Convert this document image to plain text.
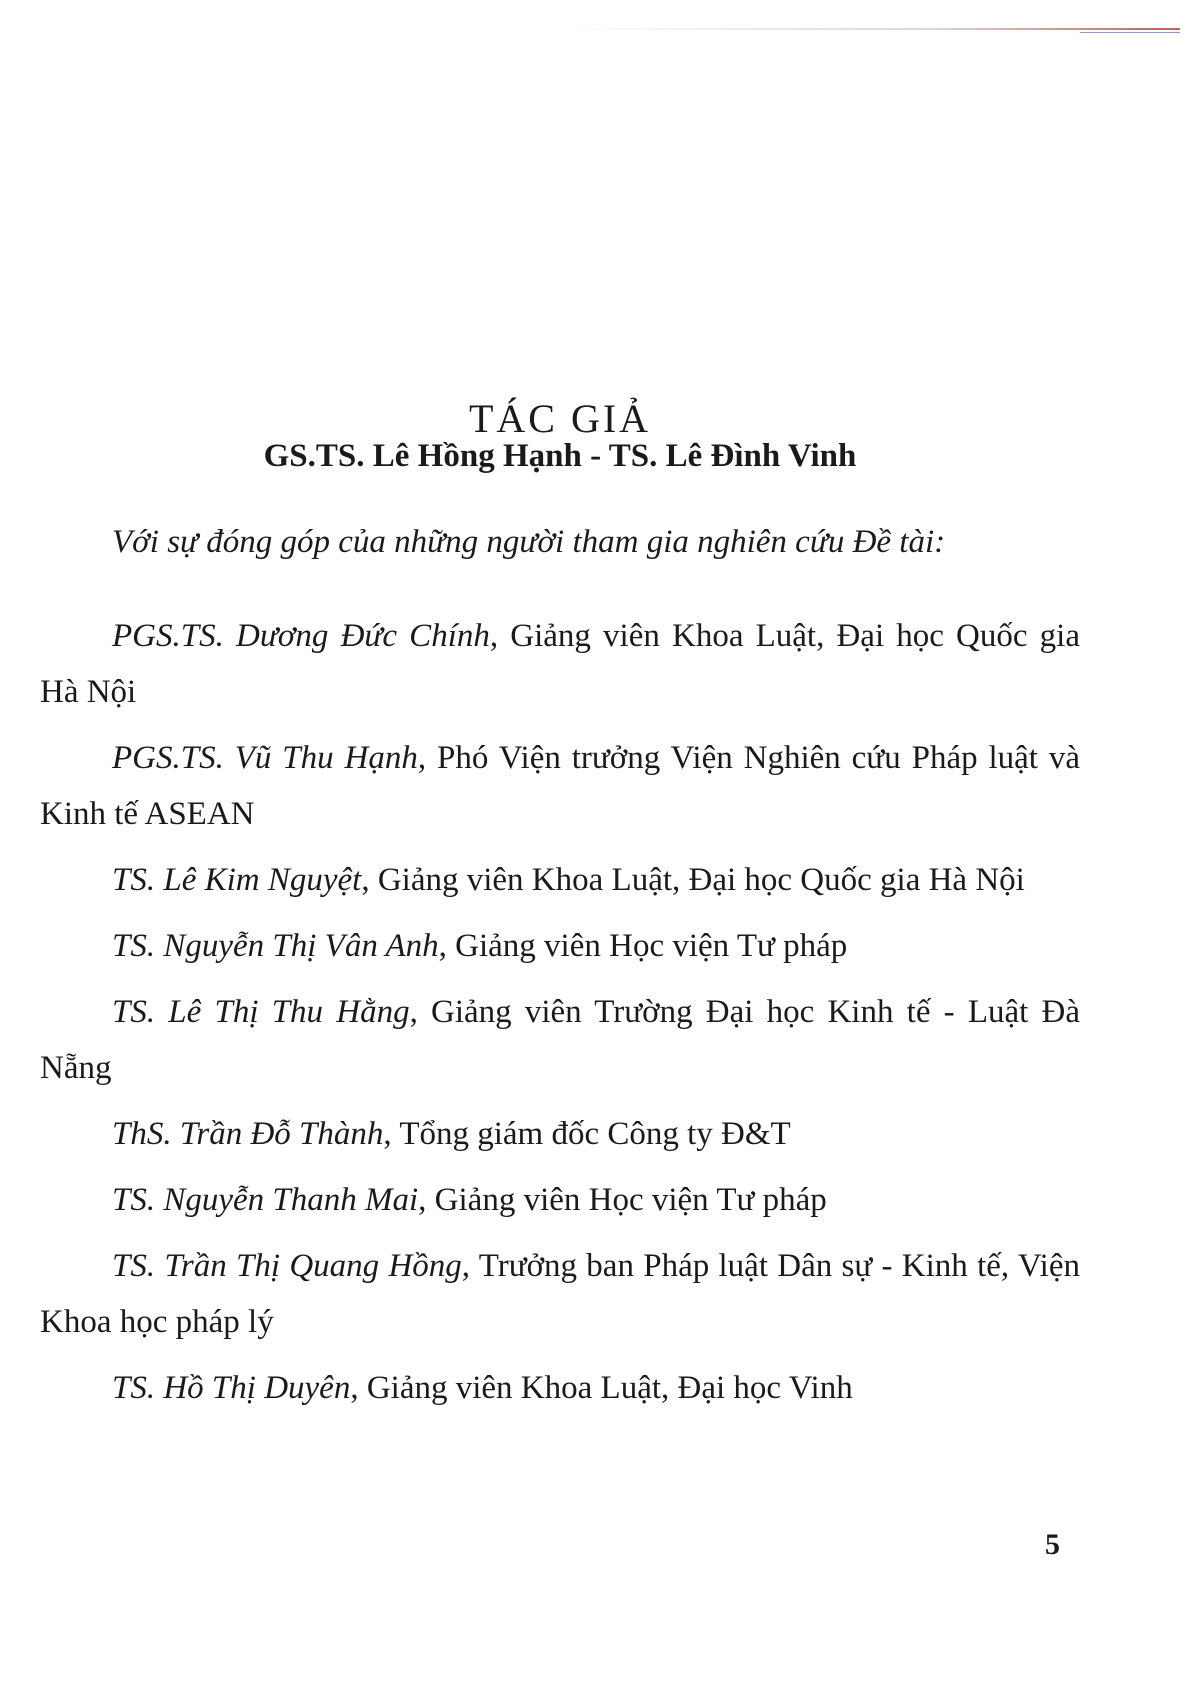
TÁC GIẢ
GS.TS. Lê Hồng Hạnh - TS. Lê Đình Vinh
Với sự đóng góp của những người tham gia nghiên cứu Đề tài:
PGS.TS. Dương Đức Chính, Giảng viên Khoa Luật, Đại học Quốc gia Hà Nội
PGS.TS. Vũ Thu Hạnh, Phó Viện trưởng Viện Nghiên cứu Pháp luật và Kinh tế ASEAN
TS. Lê Kim Nguyệt, Giảng viên Khoa Luật, Đại học Quốc gia Hà Nội
TS. Nguyễn Thị Vân Anh, Giảng viên Học viện Tư pháp
TS. Lê Thị Thu Hằng, Giảng viên Trường Đại học Kinh tế - Luật Đà Nẵng
ThS. Trần Đỗ Thành, Tổng giám đốc Công ty Đ&T
TS. Nguyễn Thanh Mai, Giảng viên Học viện Tư pháp
TS. Trần Thị Quang Hồng, Trưởng ban Pháp luật Dân sự - Kinh tế, Viện Khoa học pháp lý
TS. Hồ Thị Duyên, Giảng viên Khoa Luật, Đại học Vinh
5
